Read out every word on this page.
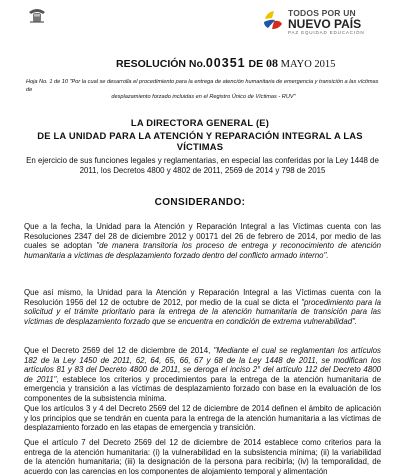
TODOS POR UN
NUEVO PAÍS
PAZ EQUIDAD EDUCACIÓN
RESOLUCIÓN No.00351 DE 08 MAYO 2015
Hoja No. 1 de 10 "Por la cual se desarrolla el procedimiento para la entrega de atención humanitaria de emergencia y transición a las víctimas de
desplazamiento forzado incluidas en el Registro Único de Víctimas - RUV"
LA DIRECTORA GENERAL (E)
DE LA UNIDAD PARA LA ATENCIÓN Y REPARACIÓN INTEGRAL A LAS VÍCTIMAS
En ejercicio de sus funciones legales y reglamentarias, en especial las conferidas por la Ley 1448 de
2011, los Decretos 4800 y 4802 de 2011, 2569 de 2014 y 798 de 2015
CONSIDERANDO:
Que a la fecha, la Unidad para la Atención y Reparación Integral a las Víctimas cuenta con las
Resoluciones 2347 del 28 de diciembre 2012 y 00171 del 26 de febrero de 2014, por medio de las
cuales se adoptan "de manera transitoria los proceso de entrega y reconocimiento de atención
humanitaria a víctimas de desplazamiento forzado dentro del conflicto armado interno".
Que así mismo, la Unidad para la Atención y Reparación Integral a las Víctimas cuenta con la
Resolución 1956 del 12 de octubre de 2012, por medio de la cual se dicta el "procedimiento para la
solicitud y el trámite prioritario para la entrega de la atención humanitaria de transición para las
víctimas de desplazamiento forzado que se encuentra en condición de extrema vulnerabilidad".
Que el Decreto 2569 del 12 de diciembre de 2014, "Mediante el cual se reglamentan los artículos
182 de la Ley 1450 de 2011, 62, 64, 65, 66, 67 y 68 de la Ley 1448 de 2011, se modifican los
artículos 81 y 83 del Decreto 4800 de 2011, se deroga el inciso 2° del artículo 112 del Decreto 4800
de 2011", establece los criterios y procedimientos para la entrega de la atención humanitaria de
emergencia y transición a las víctimas de desplazamiento forzado con base en la evaluación de los
componentes de la subsistencia mínima.
Que los artículos 3 y 4 del Decreto 2569 del 12 de diciembre de 2014 definen el ámbito de aplicación
y los principios que se tendrán en cuenta para la entrega de la atención humanitaria a las víctimas de
desplazamiento forzado en las etapas de emergencia y transición.
Que el artículo 7 del Decreto 2569 del 12 de diciembre de 2014 establece como criterios para la
entrega de la atención humanitaria: (i) la vulnerabilidad en la subsistencia mínima; (ii) la variabilidad
de la atención humanitaria; (iii) la designación de la persona para recibirla; (iv) la temporalidad, de
acuerdo con las carencias en los componentes de alojamiento temporal y alimentación
